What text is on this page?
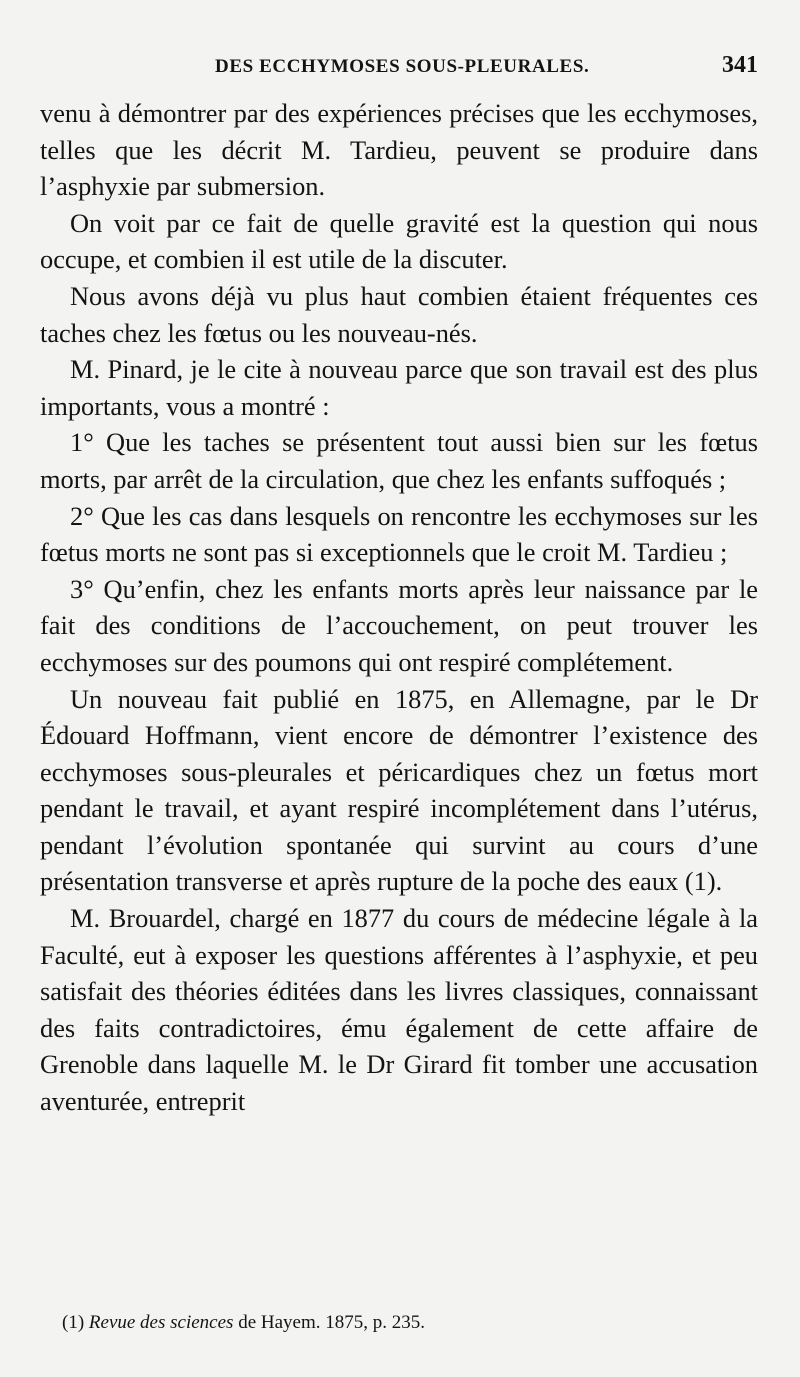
DES ECCHYMOSES SOUS-PLEURALES.	341

venu à démontrer par des expériences précises que les ecchymoses, telles que les décrit M. Tardieu, peuvent se produire dans l’asphyxie par submersion.

On voit par ce fait de quelle gravité est la question qui nous occupe, et combien il est utile de la discuter.

Nous avons déjà vu plus haut combien étaient fréquentes ces taches chez les fœtus ou les nouveau-nés.

M. Pinard, je le cite à nouveau parce que son travail est des plus importants, vous a montré :

1° Que les taches se présentent tout aussi bien sur les fœtus morts, par arrêt de la circulation, que chez les enfants suffoqués ;

2° Que les cas dans lesquels on rencontre les ecchymoses sur les fœtus morts ne sont pas si exceptionnels que le croit M. Tardieu ;

3° Qu’enfin, chez les enfants morts après leur naissance par le fait des conditions de l’accouchement, on peut trouver les ecchymoses sur des poumons qui ont respiré complétement.

Un nouveau fait publié en 1875, en Allemagne, par le Dr Édouard Hoffmann, vient encore de démontrer l’existence des ecchymoses sous-pleurales et péricardiques chez un fœtus mort pendant le travail, et ayant respiré incomplétement dans l’utérus, pendant l’évolution spontanée qui survint au cours d’une présentation transverse et après rupture de la poche des eaux (1).

M. Brouardel, chargé en 1877 du cours de médecine légale à la Faculté, eut à exposer les questions afférentes à l’asphyxie, et peu satisfait des théories éditées dans les livres classiques, connaissant des faits contradictoires, ému également de cette affaire de Grenoble dans laquelle M. le Dr Girard fit tomber une accusation aventurée, entreprit

(1) Revue des sciences de Hayem. 1875, p. 235.
